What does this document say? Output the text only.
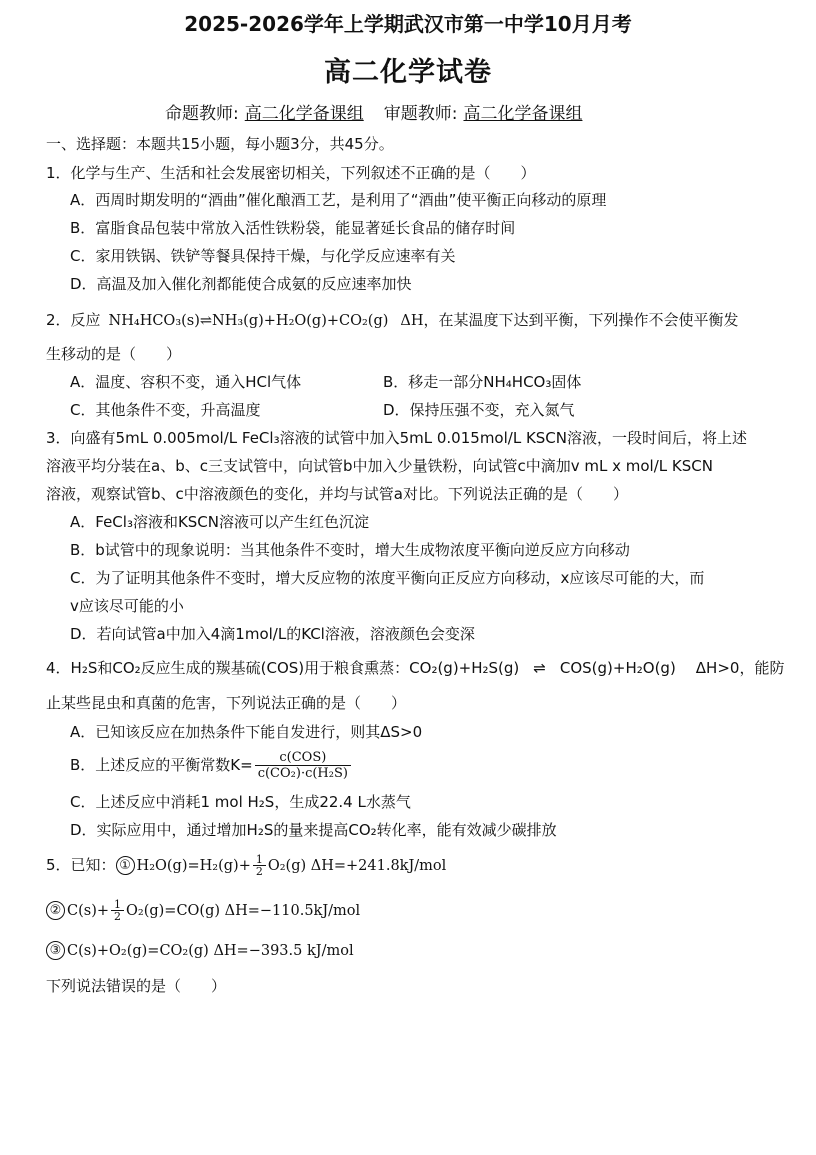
2025-2026学年上学期武汉市第一中学10月月考
高二化学试卷
命题教师: 高二化学备课组 审题教师: 高二化学备课组
一、选择题：本题共15小题，每小题3分，共45分。
1．化学与生产、生活和社会发展密切相关，下列叙述不正确的是（　　）
A．西周时期发明的“酒曲”催化酿酒工艺，是利用了“酒曲”使平衡正向移动的原理
B．富脂食品包装中常放入活性铁粉袋，能显著延长食品的储存时间
C．家用铁锅、铁铲等餐具保持干燥，与化学反应速率有关
D．高温及加入催化剂都能使合成氨的反应速率加快
2．反应 NH₄HCO₃(s)⇌NH₃(g)+H₂O(g)+CO₂(g) ΔH，在某温度下达到平衡，下列操作不会使平衡发
生移动的是（　　）
A．温度、容积不变，通入HCl气体	B．移走一部分NH₄HCO₃固体
C．其他条件不变，升高温度	D．保持压强不变，充入氮气
3．向盛有5mL 0.005mol/L FeCl₃溶液的试管中加入5mL 0.015mol/L KSCN溶液，一段时间后，将上述
溶液平均分装在a、b、c三支试管中，向试管b中加入少量铁粉，向试管c中滴加v mL x mol/L KSCN
溶液，观察试管b、c中溶液颜色的变化，并均与试管a对比。下列说法正确的是（　　）
A．FeCl₃溶液和KSCN溶液可以产生红色沉淀
B．b试管中的现象说明：当其他条件不变时，增大生成物浓度平衡向逆反应方向移动
C．为了证明其他条件不变时，增大反应物的浓度平衡向正反应方向移动，x应该尽可能的大，而
v应该尽可能的小
D．若向试管a中加入4滴1mol/L的KCl溶液，溶液颜色会变深
4．H₂S和CO₂反应生成的羰基硫(COS)用于粮食熏蒸：CO₂(g)+H₂S(g) ⇌ COS(g)+H₂O(g) ΔH>0，能防
止某些昆虫和真菌的危害，下列说法正确的是（　　）
A．已知该反应在加热条件下能自发进行，则其ΔS>0
B．上述反应的平衡常数$K= \frac{\text{c(COS)}}{\text{c(CO₂)·c(H₂S)}}$
C．上述反应中消耗1 mol H₂S，生成22.4 L水蒸气
D．实际应用中，通过增加H₂S的量来提高CO₂转化率，能有效减少碳排放
5．已知： ① $H_2O(g)=H_2(g)+ \frac{1}{2} O_2(g)$ ΔH=+241.8kJ/mol
② $C(s)+ \frac{1}{2} O_2(g)=CO(g)$ ΔH=−110.5kJ/mol
③ C(s)+O₂(g)=CO₂(g) ΔH=−393.5 kJ/mol
下列说法错误的是（　　）
